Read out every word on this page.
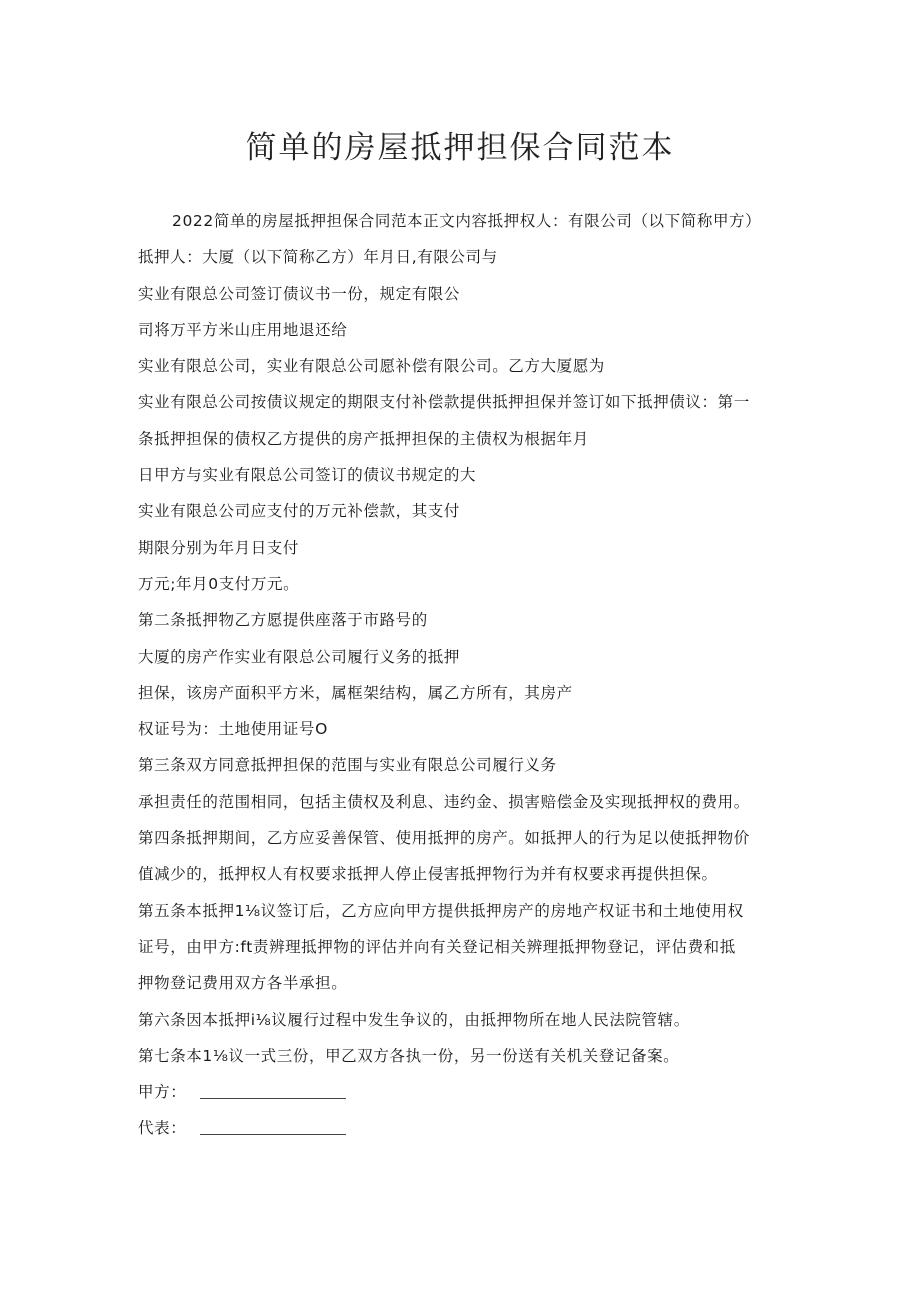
简单的房屋抵押担保合同范本
2022简单的房屋抵押担保合同范本正文内容抵押权人：有限公司（以下简称甲方）
抵押人：大厦（以下简称乙方）年月日,有限公司与
实业有限总公司签订债议书一份，规定有限公
司将万平方米山庄用地退还给
实业有限总公司，实业有限总公司愿补偿有限公司。乙方大厦愿为
实业有限总公司按债议规定的期限支付补偿款提供抵押担保并签订如下抵押债议：第一
条抵押担保的债权乙方提供的房产抵押担保的主债权为根据年月
日甲方与实业有限总公司签订的债议书规定的大
实业有限总公司应支付的万元补偿款，其支付
期限分别为年月日支付
万元;年月0支付万元。
第二条抵押物乙方愿提供座落于市路号的
大厦的房产作实业有限总公司履行义务的抵押
担保，该房产面积平方米，属框架结构，属乙方所有，其房产
权证号为：土地使用证号O
第三条双方同意抵押担保的范围与实业有限总公司履行义务
承担责任的范围相同，包括主债权及利息、违约金、损害赔偿金及实现抵押权的费用。
第四条抵押期间，乙方应妥善保管、使用抵押的房产。如抵押人的行为足以使抵押物价
值减少的，抵押权人有权要求抵押人停止侵害抵押物行为并有权要求再提供担保。
第五条本抵押1⅛议签订后，乙方应向甲方提供抵押房产的房地产权证书和土地使用权
证号，由甲方:ft责辨理抵押物的评估并向有关登记相关辨理抵押物登记，评估费和抵
押物登记费用双方各半承担。
第六条因本抵押i⅛议履行过程中发生争议的，由抵押物所在地人民法院管辖。
第七条本1⅛议一式三份，甲乙双方各执一份，另一份送有关机关登记备案。
甲方：
代表：
